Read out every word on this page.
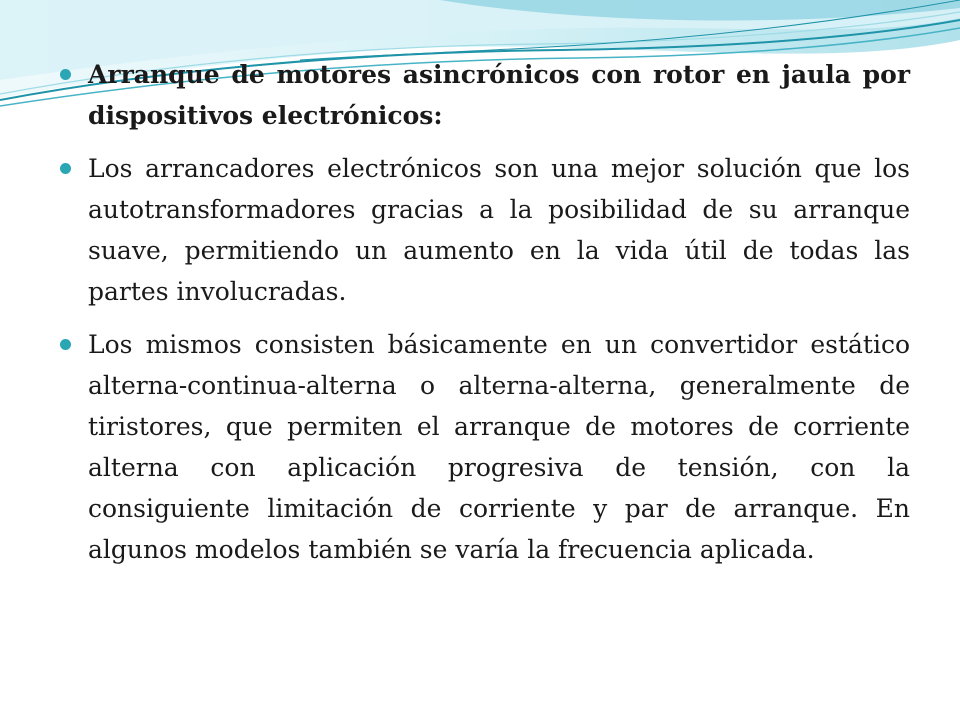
Arranque de motores asincrónicos con rotor en jaula por dispositivos electrónicos:
Los arrancadores electrónicos son una mejor solución que los autotransformadores gracias a la posibilidad de su arranque suave, permitiendo un aumento en la vida útil de todas las partes involucradas.
Los mismos consisten básicamente en un convertidor estático alterna-continua-alterna o alterna-alterna, generalmente de tiristores, que permiten el arranque de motores de corriente alterna con aplicación progresiva de tensión, con la consiguiente limitación de corriente y par de arranque. En algunos modelos también se varía la frecuencia aplicada.
